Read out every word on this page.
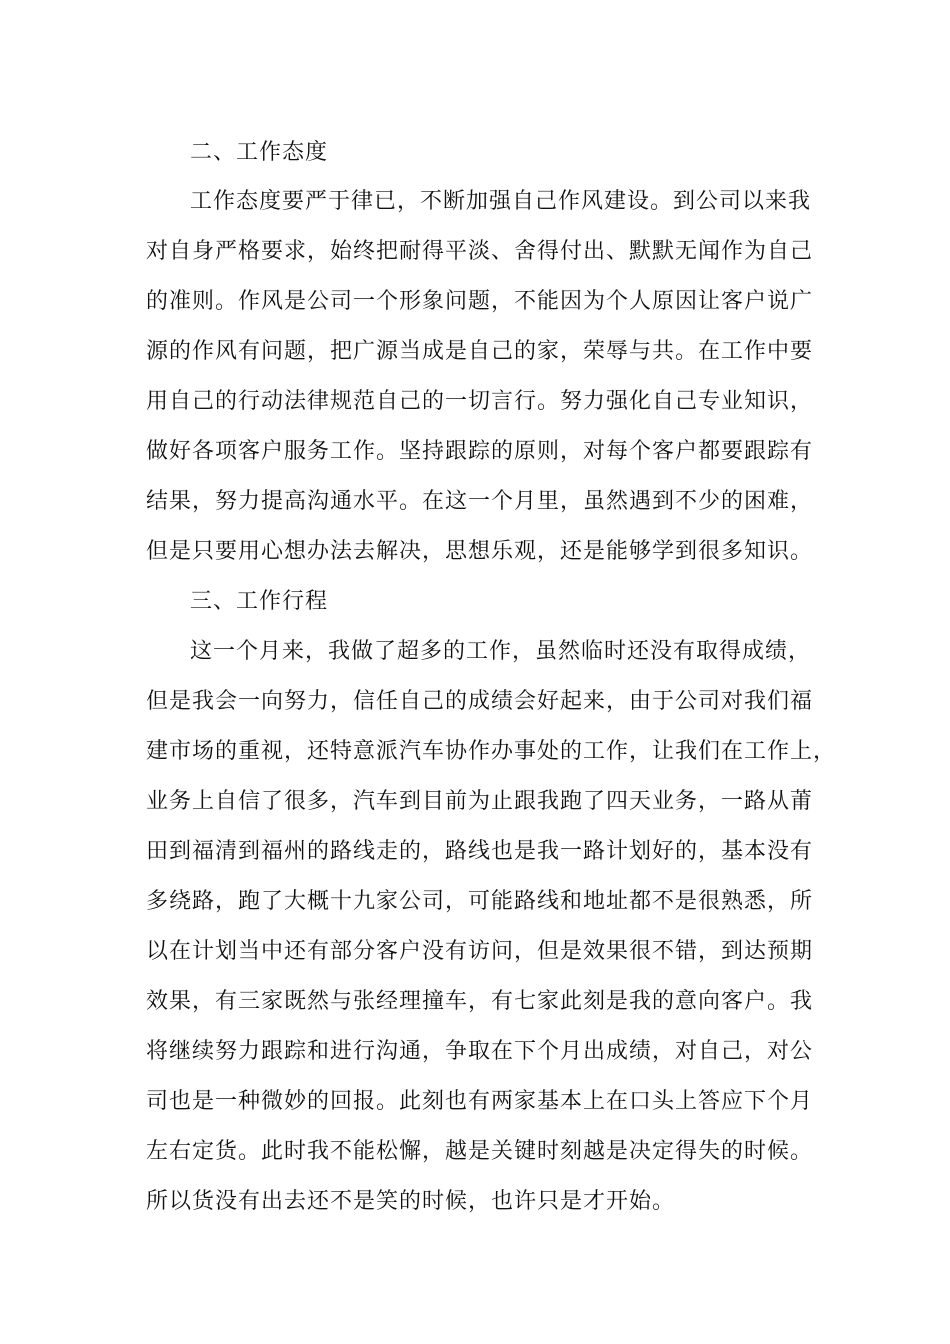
二、工作态度
工作态度要严于律已，不断加强自己作风建设。到公司以来我
对自身严格要求，始终把耐得平淡、舍得付出、默默无闻作为自己
的准则。作风是公司一个形象问题，不能因为个人原因让客户说广
源的作风有问题，把广源当成是自己的家，荣辱与共。在工作中要
用自己的行动法律规范自己的一切言行。努力强化自己专业知识，
做好各项客户服务工作。坚持跟踪的原则，对每个客户都要跟踪有
结果，努力提高沟通水平。在这一个月里，虽然遇到不少的困难，
但是只要用心想办法去解决，思想乐观，还是能够学到很多知识。
三、工作行程
这一个月来，我做了超多的工作，虽然临时还没有取得成绩，
但是我会一向努力，信任自己的成绩会好起来，由于公司对我们福
建市场的重视，还特意派汽车协作办事处的工作，让我们在工作上，
业务上自信了很多，汽车到目前为止跟我跑了四天业务，一路从莆
田到福清到福州的路线走的，路线也是我一路计划好的，基本没有
多绕路，跑了大概十九家公司，可能路线和地址都不是很熟悉，所
以在计划当中还有部分客户没有访问，但是效果很不错，到达预期
效果，有三家既然与张经理撞车，有七家此刻是我的意向客户。我
将继续努力跟踪和进行沟通，争取在下个月出成绩，对自己，对公
司也是一种微妙的回报。此刻也有两家基本上在口头上答应下个月
左右定货。此时我不能松懈，越是关键时刻越是决定得失的时候。
所以货没有出去还不是笑的时候，也许只是才开始。
